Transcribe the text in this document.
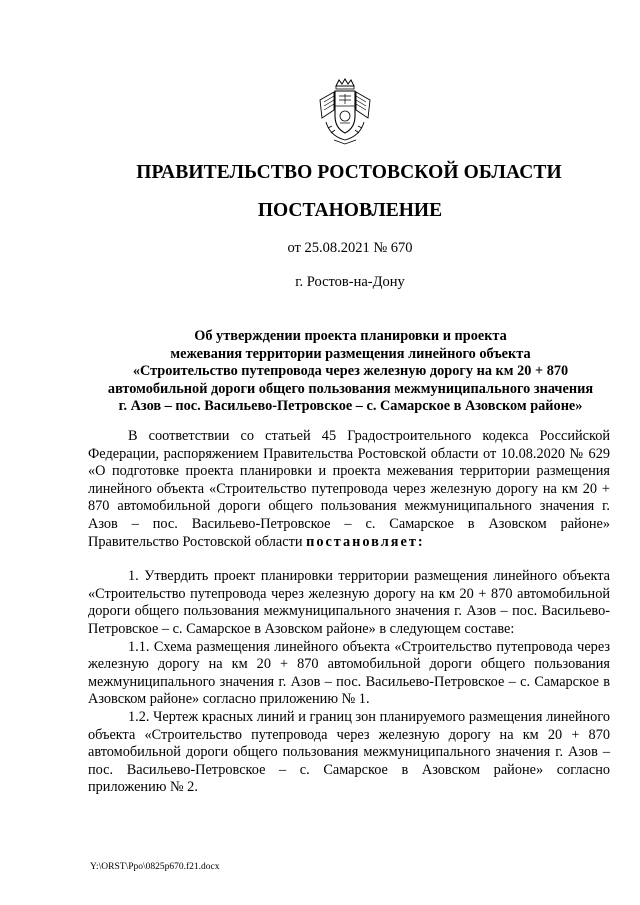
ПРАВИТЕЛЬСТВО РОСТОВСКОЙ ОБЛАСТИ
ПОСТАНОВЛЕНИЕ
от 25.08.2021 № 670
г. Ростов-на-Дону
Об утверждении проекта планировки и проекта
межевания территории размещения линейного объекта
«Строительство путепровода через железную дорогу на км 20 + 870
автомобильной дороги общего пользования межмуниципального значения
г. Азов – пос. Васильево-Петровское – с. Самарское в Азовском районе»
В соответствии со статьей 45 Градостроительного кодекса Российской Федерации, распоряжением Правительства Ростовской области от 10.08.2020 № 629 «О подготовке проекта планировки и проекта межевания территории размещения линейного объекта «Строительство путепровода через железную дорогу на км 20 + 870 автомобильной дороги общего пользования межмуниципального значения г. Азов – пос. Васильево-Петровское – с. Самарское в Азовском районе» Правительство Ростовской области постановляет:
1. Утвердить проект планировки территории размещения линейного объекта «Строительство путепровода через железную дорогу на км 20 + 870 автомобильной дороги общего пользования межмуниципального значения г. Азов – пос. Васильево-Петровское – с. Самарское в Азовском районе» в следующем составе:
1.1. Схема размещения линейного объекта «Строительство путепровода через железную дорогу на км 20 + 870 автомобильной дороги общего пользования межмуниципального значения г. Азов – пос. Васильево-Петровское – с. Самарское в Азовском районе» согласно приложению № 1.
1.2. Чертеж красных линий и границ зон планируемого размещения линейного объекта «Строительство путепровода через железную дорогу на км 20 + 870 автомобильной дороги общего пользования межмуниципального значения г. Азов – пос. Васильево-Петровское – с. Самарское в Азовском районе» согласно приложению № 2.
Y:\ORST\Ppo\0825p670.f21.docx
